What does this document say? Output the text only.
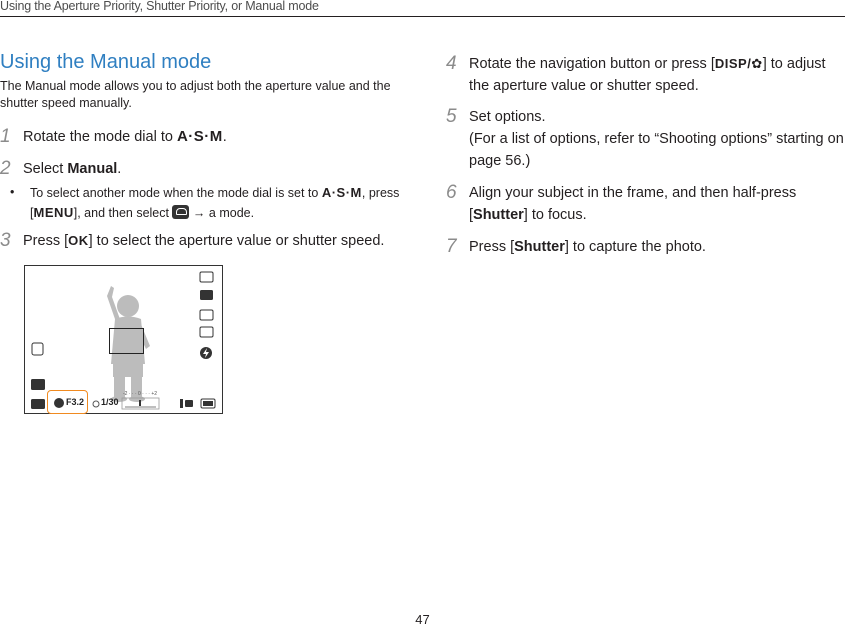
Using the Aperture Priority, Shutter Priority, or Manual mode
Using the Manual mode
The Manual mode allows you to adjust both the aperture value and the shutter speed manually.
1 Rotate the mode dial to A·S·M.
2 Select Manual.
• To select another mode when the mode dial is set to A·S·M, press [MENU], and then select  → a mode.
3 Press [OK] to select the aperture value or shutter speed.
F3.2 1/30
-2 · · · 0 · · · +2
4 Rotate the navigation button or press [DISP/✿] to adjust the aperture value or shutter speed.
5 Set options.
(For a list of options, refer to “Shooting options” starting on page 56.)
6 Align your subject in the frame, and then half-press [Shutter] to focus.
7 Press [Shutter] to capture the photo.
47
